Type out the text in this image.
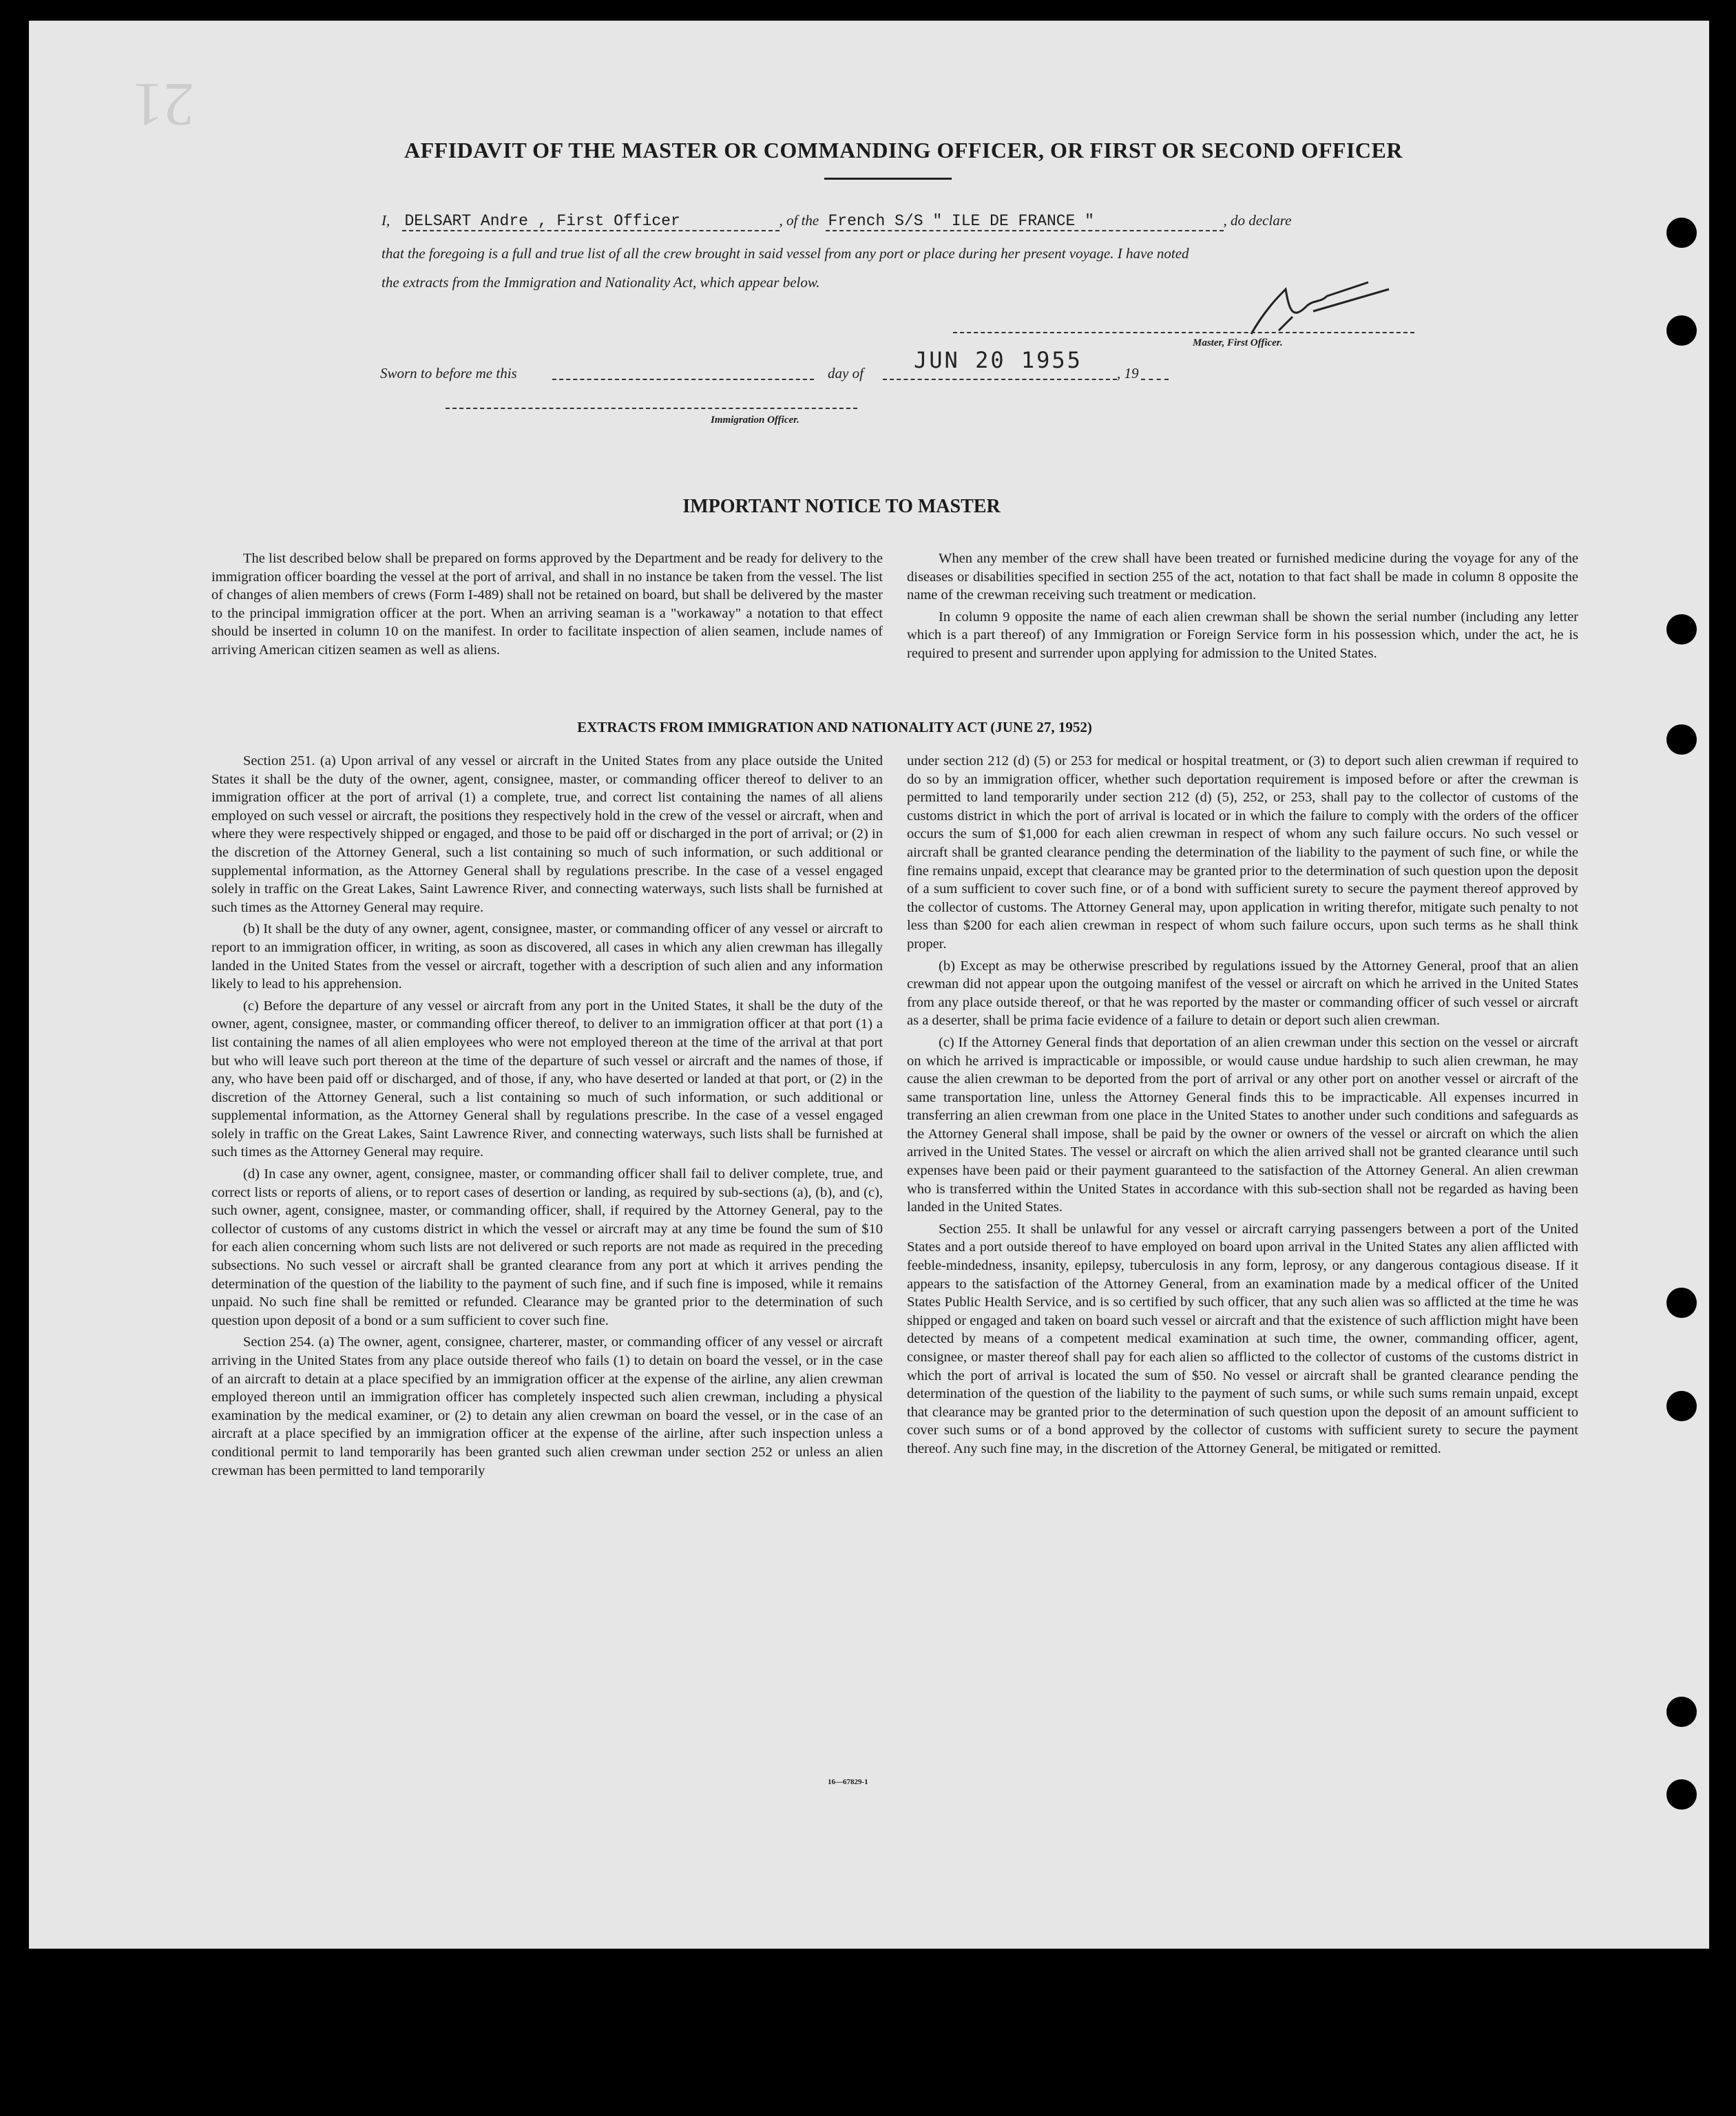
21
AFFIDAVIT OF THE MASTER OR COMMANDING OFFICER, OR FIRST OR SECOND OFFICER
I, DELSART Andre , First Officer	, of the French S/S " ILE DE FRANCE "	, do declare
that the foregoing is a full and true list of all the crew brought in said vessel from any port or place during her present voyage. I have noted
the extracts from the Immigration and Nationality Act, which appear below.
Master, First Officer.
Sworn to before me this	day of JUN 20 1955 , 19
Immigration Officer.
IMPORTANT NOTICE TO MASTER

The list described below shall be prepared on forms approved by the Department and be ready for delivery to the immigration officer boarding the vessel at the port of arrival, and shall in no instance be taken from the vessel. The list of changes of alien members of crews (Form I-489) shall not be retained on board, but shall be delivered by the master to the principal immigration officer at the port. When an arriving seaman is a "workaway" a notation to that effect should be inserted in column 10 on the manifest. In order to facilitate inspection of alien seamen, include names of arriving American citizen seamen as well as aliens.

When any member of the crew shall have been treated or furnished medicine during the voyage for any of the diseases or disabilities specified in section 255 of the act, notation to that fact shall be made in column 8 opposite the name of the crewman receiving such treatment or medication.

In column 9 opposite the name of each alien crewman shall be shown the serial number (including any letter which is a part thereof) of any Immigration or Foreign Service form in his possession which, under the act, he is required to present and surrender upon applying for admission to the United States.

EXTRACTS FROM IMMIGRATION AND NATIONALITY ACT (JUNE 27, 1952)

Section 251. (a) Upon arrival of any vessel or aircraft in the United States from any place outside the United States it shall be the duty of the owner, agent, consignee, master, or commanding officer thereof to deliver to an immigration officer at the port of arrival (1) a complete, true, and correct list containing the names of all aliens employed on such vessel or aircraft, the positions they respectively hold in the crew of the vessel or aircraft, when and where they were respectively shipped or engaged, and those to be paid off or discharged in the port of arrival; or (2) in the discretion of the Attorney General, such a list containing so much of such information, or such additional or supplemental information, as the Attorney General shall by regulations prescribe. In the case of a vessel engaged solely in traffic on the Great Lakes, Saint Lawrence River, and connecting waterways, such lists shall be furnished at such times as the Attorney General may require.

(b) It shall be the duty of any owner, agent, consignee, master, or commanding officer of any vessel or aircraft to report to an immigration officer, in writing, as soon as discovered, all cases in which any alien crewman has illegally landed in the United States from the vessel or aircraft, together with a description of such alien and any information likely to lead to his apprehension.

(c) Before the departure of any vessel or aircraft from any port in the United States, it shall be the duty of the owner, agent, consignee, master, or commanding officer thereof, to deliver to an immigration officer at that port (1) a list containing the names of all alien employees who were not employed thereon at the time of the arrival at that port but who will leave such port thereon at the time of the departure of such vessel or aircraft and the names of those, if any, who have been paid off or discharged, and of those, if any, who have deserted or landed at that port, or (2) in the discretion of the Attorney General, such a list containing so much of such information, or such additional or supplemental information, as the Attorney General shall by regulations prescribe. In the case of a vessel engaged solely in traffic on the Great Lakes, Saint Lawrence River, and connecting waterways, such lists shall be furnished at such times as the Attorney General may require.

(d) In case any owner, agent, consignee, master, or commanding officer shall fail to deliver complete, true, and correct lists or reports of aliens, or to report cases of desertion or landing, as required by sub-sections (a), (b), and (c), such owner, agent, consignee, master, or commanding officer, shall, if required by the Attorney General, pay to the collector of customs of any customs district in which the vessel or aircraft may at any time be found the sum of $10 for each alien concerning whom such lists are not delivered or such reports are not made as required in the preceding subsections. No such vessel or aircraft shall be granted clearance from any port at which it arrives pending the determination of the question of the liability to the payment of such fine, and if such fine is imposed, while it remains unpaid. No such fine shall be remitted or refunded. Clearance may be granted prior to the determination of such question upon deposit of a bond or a sum sufficient to cover such fine.

Section 254. (a) The owner, agent, consignee, charterer, master, or commanding officer of any vessel or aircraft arriving in the United States from any place outside thereof who fails (1) to detain on board the vessel, or in the case of an aircraft to detain at a place specified by an immigration officer at the expense of the airline, any alien crewman employed thereon until an immigration officer has completely inspected such alien crewman, including a physical examination by the medical examiner, or (2) to detain any alien crewman on board the vessel, or in the case of an aircraft at a place specified by an immigration officer at the expense of the airline, after such inspection unless a conditional permit to land temporarily has been granted such alien crewman under section 252 or unless an alien crewman has been permitted to land temporarily

under section 212 (d) (5) or 253 for medical or hospital treatment, or (3) to deport such alien crewman if required to do so by an immigration officer, whether such deportation requirement is imposed before or after the crewman is permitted to land temporarily under section 212 (d) (5), 252, or 253, shall pay to the collector of customs of the customs district in which the port of arrival is located or in which the failure to comply with the orders of the officer occurs the sum of $1,000 for each alien crewman in respect of whom any such failure occurs. No such vessel or aircraft shall be granted clearance pending the determination of the liability to the payment of such fine, or while the fine remains unpaid, except that clearance may be granted prior to the determination of such question upon the deposit of a sum sufficient to cover such fine, or of a bond with sufficient surety to secure the payment thereof approved by the collector of customs. The Attorney General may, upon application in writing therefor, mitigate such penalty to not less than $200 for each alien crewman in respect of whom such failure occurs, upon such terms as he shall think proper.

(b) Except as may be otherwise prescribed by regulations issued by the Attorney General, proof that an alien crewman did not appear upon the outgoing manifest of the vessel or aircraft on which he arrived in the United States from any place outside thereof, or that he was reported by the master or commanding officer of such vessel or aircraft as a deserter, shall be prima facie evidence of a failure to detain or deport such alien crewman.

(c) If the Attorney General finds that deportation of an alien crewman under this section on the vessel or aircraft on which he arrived is impracticable or impossible, or would cause undue hardship to such alien crewman, he may cause the alien crewman to be deported from the port of arrival or any other port on another vessel or aircraft of the same transportation line, unless the Attorney General finds this to be impracticable. All expenses incurred in transferring an alien crewman from one place in the United States to another under such conditions and safeguards as the Attorney General shall impose, shall be paid by the owner or owners of the vessel or aircraft on which the alien arrived in the United States. The vessel or aircraft on which the alien arrived shall not be granted clearance until such expenses have been paid or their payment guaranteed to the satisfaction of the Attorney General. An alien crewman who is transferred within the United States in accordance with this sub-section shall not be regarded as having been landed in the United States.

Section 255. It shall be unlawful for any vessel or aircraft carrying passengers between a port of the United States and a port outside thereof to have employed on board upon arrival in the United States any alien afflicted with feeble-mindedness, insanity, epilepsy, tuberculosis in any form, leprosy, or any dangerous contagious disease. If it appears to the satisfaction of the Attorney General, from an examination made by a medical officer of the United States Public Health Service, and is so certified by such officer, that any such alien was so afflicted at the time he was shipped or engaged and taken on board such vessel or aircraft and that the existence of such affliction might have been detected by means of a competent medical examination at such time, the owner, commanding officer, agent, consignee, or master thereof shall pay for each alien so afflicted to the collector of customs of the customs district in which the port of arrival is located the sum of $50. No vessel or aircraft shall be granted clearance pending the determination of the question of the liability to the payment of such sums, or while such sums remain unpaid, except that clearance may be granted prior to the determination of such question upon the deposit of an amount sufficient to cover such sums or of a bond approved by the collector of customs with sufficient surety to secure the payment thereof. Any such fine may, in the discretion of the Attorney General, be mitigated or remitted.

16—67829-1
